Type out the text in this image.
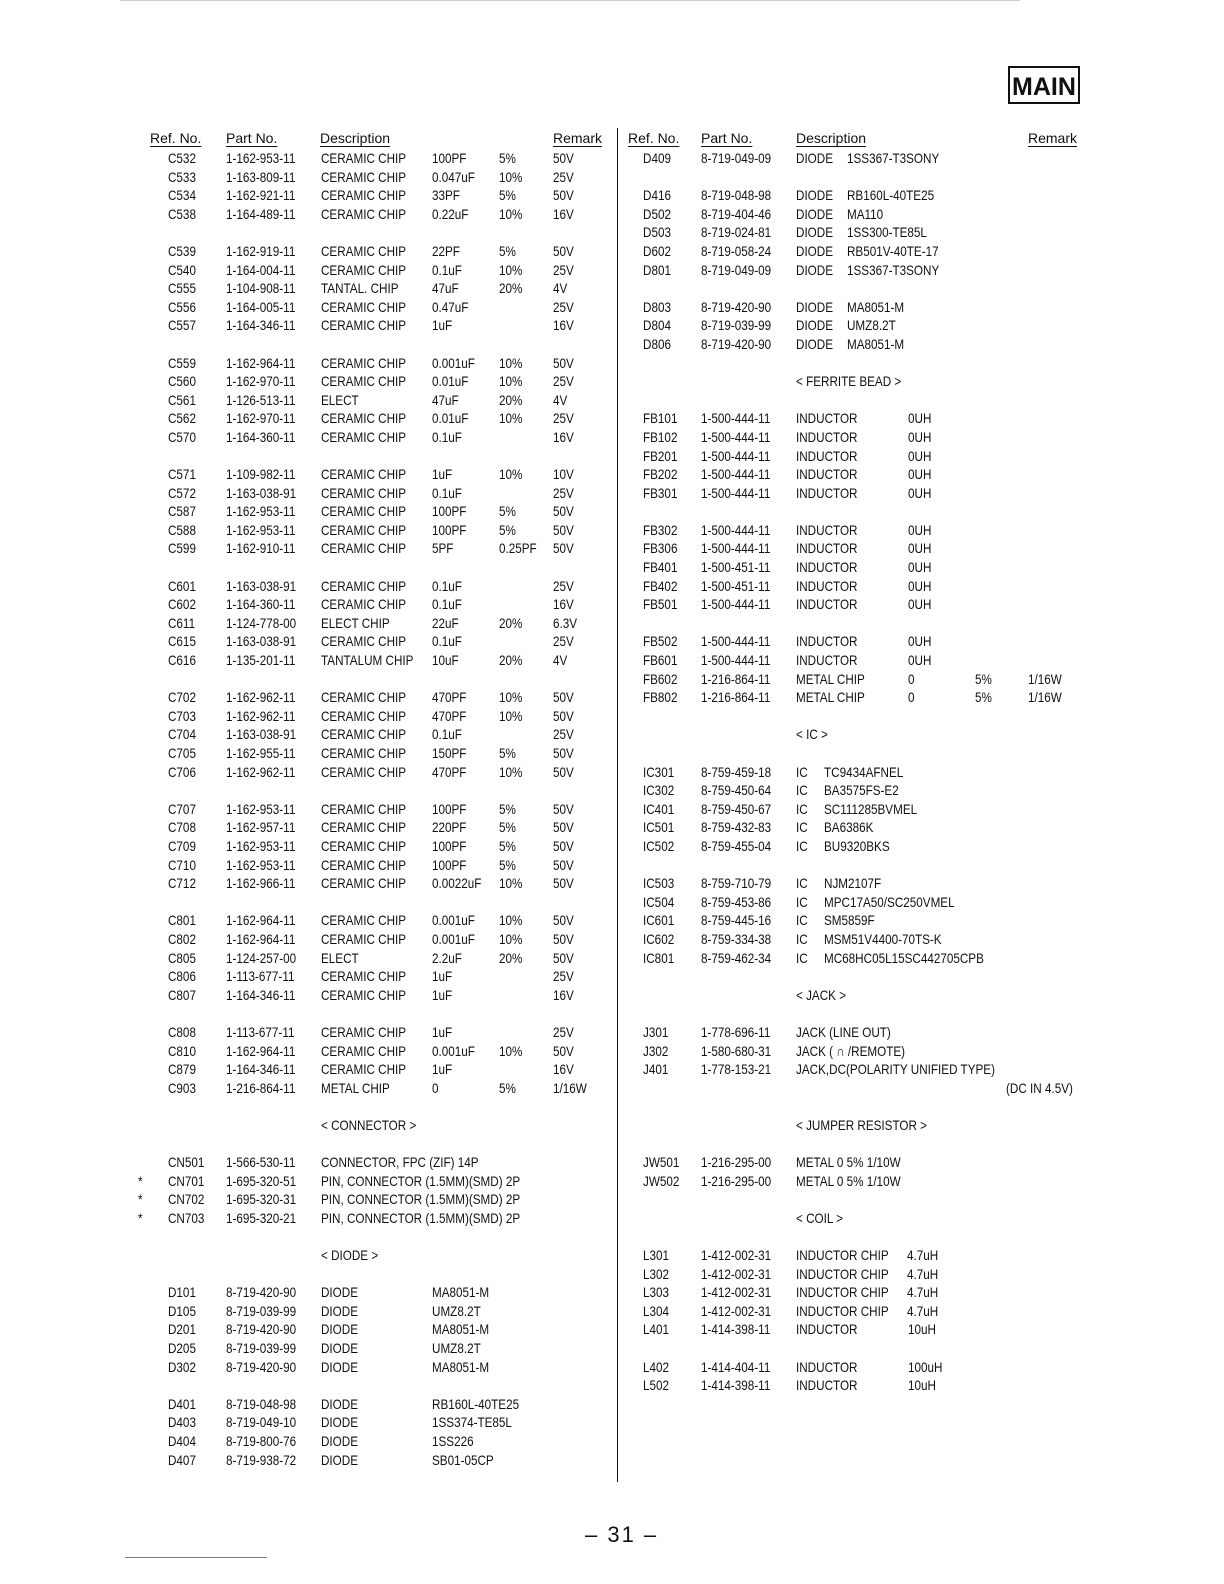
MAIN
Ref. No. Part No.	Description	Remark
C532 1-162-953-11 CERAMIC CHIP 100PF 5%	50V
C533 1-163-809-11 CERAMIC CHIP 0.047uF 10% 25V
C534 1-162-921-11 CERAMIC CHIP 33PF	5%	50V
C538 1-164-489-11 CERAMIC CHIP 0.22uF 10% 16V
C539 1-162-919-11 CERAMIC CHIP 22PF	5%	50V
C540 1-164-004-11 CERAMIC CHIP 0.1uF	10% 25V
C555 1-104-908-11 TANTAL. CHIP 47uF	20% 4V
C556 1-164-005-11 CERAMIC CHIP 0.47uF	25V
C557 1-164-346-11 CERAMIC CHIP 1uF	16V
C559 1-162-964-11 CERAMIC CHIP 0.001uF 10% 50V
C560 1-162-970-11 CERAMIC CHIP 0.01uF 10% 25V
C561 1-126-513-11 ELECT	47uF	20% 4V
C562 1-162-970-11 CERAMIC CHIP 0.01uF 10% 25V
C570 1-164-360-11 CERAMIC CHIP 0.1uF	16V
C571 1-109-982-11 CERAMIC CHIP 1uF	10% 10V
C572 1-163-038-91 CERAMIC CHIP 0.1uF	25V
C587 1-162-953-11 CERAMIC CHIP 100PF 5%	50V
C588 1-162-953-11 CERAMIC CHIP 100PF 5%	50V
C599 1-162-910-11 CERAMIC CHIP 5PF	0.25PF 50V
C601 1-163-038-91 CERAMIC CHIP 0.1uF	25V
C602 1-164-360-11 CERAMIC CHIP 0.1uF	16V
C611 1-124-778-00 ELECT CHIP	22uF	20% 6.3V
C615 1-163-038-91 CERAMIC CHIP 0.1uF	25V
C616 1-135-201-11 TANTALUM CHIP 10uF	20% 4V
C702 1-162-962-11 CERAMIC CHIP 470PF 10% 50V
C703 1-162-962-11 CERAMIC CHIP 470PF 10% 50V
C704 1-163-038-91 CERAMIC CHIP 0.1uF	25V
C705 1-162-955-11 CERAMIC CHIP 150PF 5%	50V
C706 1-162-962-11 CERAMIC CHIP 470PF 10% 50V
C707 1-162-953-11 CERAMIC CHIP 100PF 5%	50V
C708 1-162-957-11 CERAMIC CHIP 220PF 5%	50V
C709 1-162-953-11 CERAMIC CHIP 100PF 5%	50V
C710 1-162-953-11 CERAMIC CHIP 100PF 5%	50V
C712 1-162-966-11 CERAMIC CHIP 0.0022uF 10% 50V
C801 1-162-964-11 CERAMIC CHIP 0.001uF 10% 50V
C802 1-162-964-11 CERAMIC CHIP 0.001uF 10% 50V
C805 1-124-257-00 ELECT	2.2uF	20% 50V
C806 1-113-677-11 CERAMIC CHIP 1uF	25V
C807 1-164-346-11 CERAMIC CHIP 1uF	16V
C808 1-113-677-11 CERAMIC CHIP 1uF	25V
C810 1-162-964-11 CERAMIC CHIP 0.001uF 10% 50V
C879 1-164-346-11 CERAMIC CHIP 1uF	16V
C903 1-216-864-11 METAL CHIP	0	5%	1/16W
< CONNECTOR >
CN501 1-566-530-11 CONNECTOR, FPC (ZIF) 14P
* CN701 1-695-320-51 PIN, CONNECTOR (1.5MM)(SMD) 2P
* CN702 1-695-320-31 PIN, CONNECTOR (1.5MM)(SMD) 2P
* CN703 1-695-320-21 PIN, CONNECTOR (1.5MM)(SMD) 2P
< DIODE >
D101 8-719-420-90 DIODE	MA8051-M
D105 8-719-039-99 DIODE	UMZ8.2T
D201 8-719-420-90 DIODE	MA8051-M
D205 8-719-039-99 DIODE	UMZ8.2T
D302 8-719-420-90 DIODE	MA8051-M
D401 8-719-048-98 DIODE	RB160L-40TE25
D403 8-719-049-10 DIODE	1SS374-TE85L
D404 8-719-800-76 DIODE	1SS226
D407 8-719-938-72 DIODE	SB01-05CP
Ref. No. Part No.	Description	Remark
D409 8-719-049-09 DIODE 1SS367-T3SONY
D416 8-719-048-98 DIODE RB160L-40TE25
D502 8-719-404-46 DIODE MA110
D503 8-719-024-81 DIODE 1SS300-TE85L
D602 8-719-058-24 DIODE RB501V-40TE-17
D801 8-719-049-09 DIODE 1SS367-T3SONY
D803 8-719-420-90 DIODE MA8051-M
D804 8-719-039-99 DIODE UMZ8.2T
D806 8-719-420-90 DIODE MA8051-M
< FERRITE BEAD >
FB101 1-500-444-11 INDUCTOR	0UH
FB102 1-500-444-11 INDUCTOR	0UH
FB201 1-500-444-11 INDUCTOR	0UH
FB202 1-500-444-11 INDUCTOR	0UH
FB301 1-500-444-11 INDUCTOR	0UH
FB302 1-500-444-11 INDUCTOR	0UH
FB306 1-500-444-11 INDUCTOR	0UH
FB401 1-500-451-11 INDUCTOR	0UH
FB402 1-500-451-11 INDUCTOR	0UH
FB501 1-500-444-11 INDUCTOR	0UH
FB502 1-500-444-11 INDUCTOR	0UH
FB601 1-500-444-11 INDUCTOR	0UH
FB602 1-216-864-11 METAL CHIP	0	5%	1/16W
FB802 1-216-864-11 METAL CHIP	0	5%	1/16W
< IC >
IC301 8-759-459-18 IC TC9434AFNEL
IC302 8-759-450-64 IC BA3575FS-E2
IC401 8-759-450-67 IC SC111285BVMEL
IC501 8-759-432-83 IC BA6386K
IC502 8-759-455-04 IC BU9320BKS
IC503 8-759-710-79 IC NJM2107F
IC504 8-759-453-86 IC MPC17A50/SC250VMEL
IC601 8-759-445-16 IC SM5859F
IC602 8-759-334-38 IC MSM51V4400-70TS-K
IC801 8-759-462-34 IC MC68HC05L15SC442705CPB
< JACK >
J301 1-778-696-11 JACK (LINE OUT)
J302 1-580-680-31 JACK ( ∩ /REMOTE)
J401 1-778-153-21 JACK,DC(POLARITY UNIFIED TYPE)
(DC IN 4.5V)
< JUMPER RESISTOR >
JW501 1-216-295-00 METAL 0 5% 1/10W
JW502 1-216-295-00 METAL 0 5% 1/10W
< COIL >
L301 1-412-002-31 INDUCTOR CHIP 4.7uH
L302 1-412-002-31 INDUCTOR CHIP 4.7uH
L303 1-412-002-31 INDUCTOR CHIP 4.7uH
L304 1-412-002-31 INDUCTOR CHIP 4.7uH
L401 1-414-398-11 INDUCTOR	10uH
L402 1-414-404-11 INDUCTOR	100uH
L502 1-414-398-11 INDUCTOR	10uH
– 31 –
